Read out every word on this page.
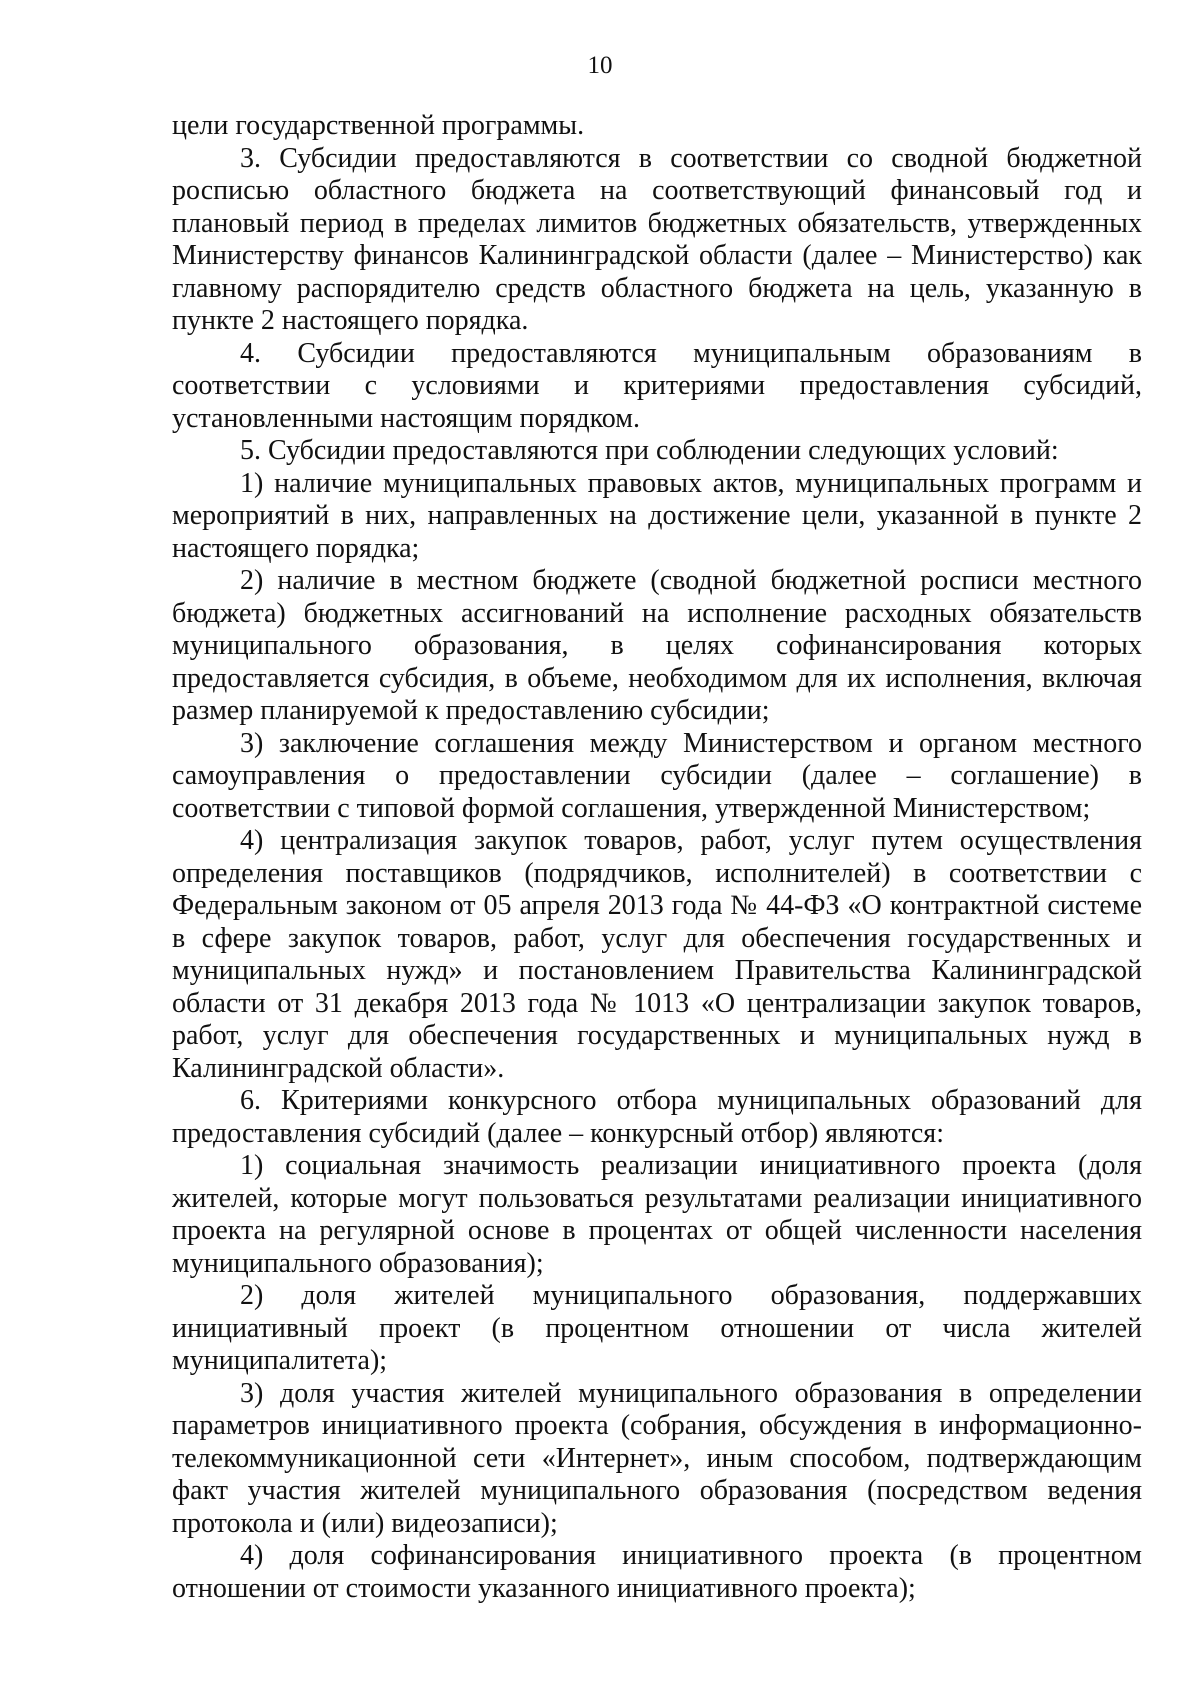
10

цели государственной программы.

3. Субсидии предоставляются в соответствии со сводной бюджетной росписью областного бюджета на соответствующий финансовый год и плановый период в пределах лимитов бюджетных обязательств, утвержденных Министерству финансов Калининградской области (далее – Министерство) как главному распорядителю средств областного бюджета на цель, указанную в пункте 2 настоящего порядка.

4. Субсидии предоставляются муниципальным образованиям в соответствии с условиями и критериями предоставления субсидий, установленными настоящим порядком.

5. Субсидии предоставляются при соблюдении следующих условий:

1) наличие муниципальных правовых актов, муниципальных программ и мероприятий в них, направленных на достижение цели, указанной в пункте 2 настоящего порядка;

2) наличие в местном бюджете (сводной бюджетной росписи местного бюджета) бюджетных ассигнований на исполнение расходных обязательств муниципального образования, в целях софинансирования которых предоставляется субсидия, в объеме, необходимом для их исполнения, включая размер планируемой к предоставлению субсидии;

3) заключение соглашения между Министерством и органом местного самоуправления о предоставлении субсидии (далее – соглашение) в соответствии с типовой формой соглашения, утвержденной Министерством;

4) централизация закупок товаров, работ, услуг путем осуществления определения поставщиков (подрядчиков, исполнителей) в соответствии с Федеральным законом от 05 апреля 2013 года № 44-ФЗ «О контрактной системе в сфере закупок товаров, работ, услуг для обеспечения государственных и муниципальных нужд» и постановлением Правительства Калининградской области от 31 декабря 2013 года № 1013 «О централизации закупок товаров, работ, услуг для обеспечения государственных и муниципальных нужд в Калининградской области».

6. Критериями конкурсного отбора муниципальных образований для предоставления субсидий (далее – конкурсный отбор) являются:

1) социальная значимость реализации инициативного проекта (доля жителей, которые могут пользоваться результатами реализации инициативного проекта на регулярной основе в процентах от общей численности населения муниципального образования);

2) доля жителей муниципального образования, поддержавших инициативный проект (в процентном отношении от числа жителей муниципалитета);

3) доля участия жителей муниципального образования в определении параметров инициативного проекта (собрания, обсуждения в информационно-телекоммуникационной сети «Интернет», иным способом, подтверждающим факт участия жителей муниципального образования (посредством ведения протокола и (или) видеозаписи);

4) доля софинансирования инициативного проекта (в процентном отношении от стоимости указанного инициативного проекта);
